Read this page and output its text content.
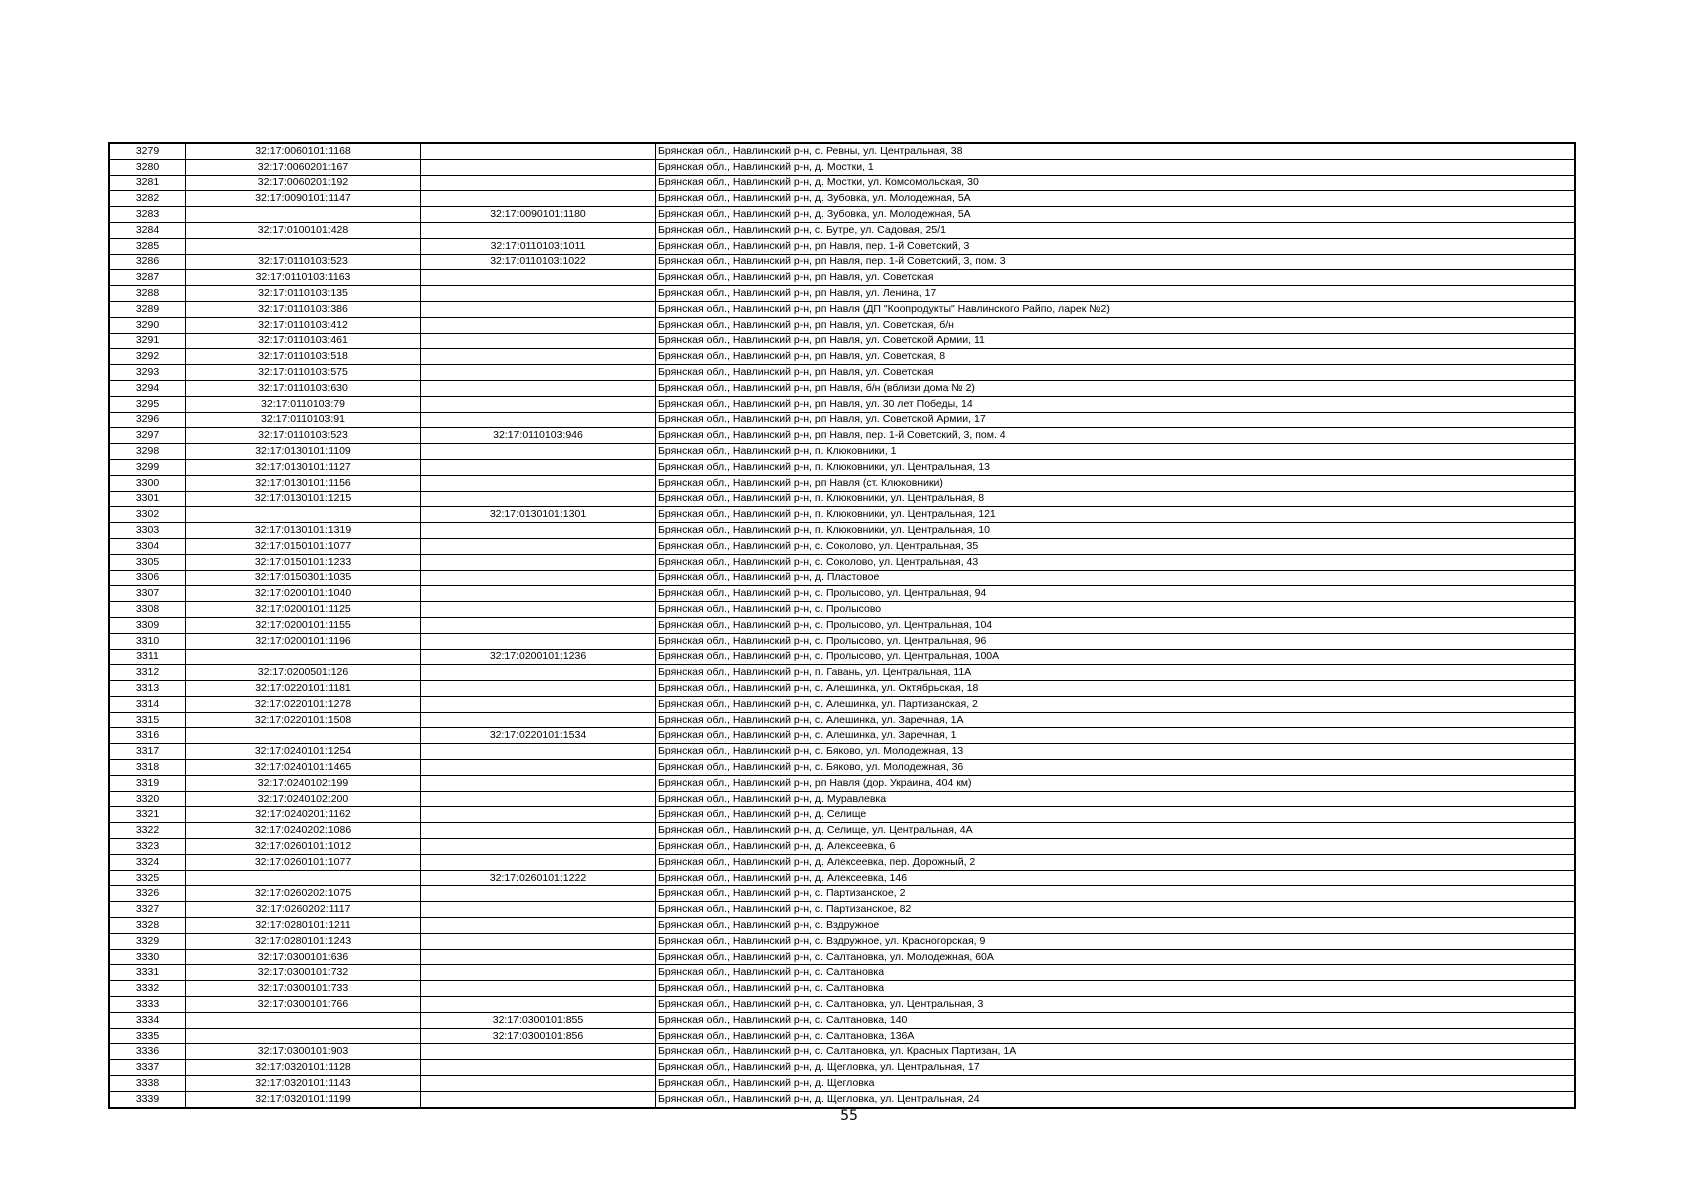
3279	32:17:0060101:1168		Брянская обл., Навлинский р-н, с. Ревны, ул. Центральная, 38
3280	32:17:0060201:167		Брянская обл., Навлинский р-н, д. Мостки, 1
3281	32:17:0060201:192		Брянская обл., Навлинский р-н, д. Мостки, ул. Комсомольская, 30
3282	32:17:0090101:1147		Брянская обл., Навлинский р-н, д. Зубовка, ул. Молодежная, 5А
3283		32:17:0090101:1180	Брянская обл., Навлинский р-н, д. Зубовка, ул. Молодежная, 5А
3284	32:17:0100101:428		Брянская обл., Навлинский р-н, с. Бутре, ул. Садовая, 25/1
3285		32:17:0110103:1011	Брянская обл., Навлинский р-н, рп Навля, пер. 1-й Советский, 3
3286	32:17:0110103:523	32:17:0110103:1022	Брянская обл., Навлинский р-н, рп Навля, пер. 1-й Советский, 3, пом. 3
3287	32:17:0110103:1163		Брянская обл., Навлинский р-н, рп Навля, ул. Советская
3288	32:17:0110103:135		Брянская обл., Навлинский р-н, рп Навля, ул. Ленина, 17
3289	32:17:0110103:386		Брянская обл., Навлинский р-н, рп Навля (ДП "Коопродукты" Навлинского Райпо, ларек №2)
3290	32:17:0110103:412		Брянская обл., Навлинский р-н, рп Навля, ул. Советская, б/н
3291	32:17:0110103:461		Брянская обл., Навлинский р-н, рп Навля, ул. Советской Армии, 11
3292	32:17:0110103:518		Брянская обл., Навлинский р-н, рп Навля, ул. Советская, 8
3293	32:17:0110103:575		Брянская обл., Навлинский р-н, рп Навля, ул. Советская
3294	32:17:0110103:630		Брянская обл., Навлинский р-н, рп Навля, б/н (вблизи дома № 2)
3295	32:17:0110103:79		Брянская обл., Навлинский р-н, рп Навля, ул. 30 лет Победы, 14
3296	32:17:0110103:91		Брянская обл., Навлинский р-н, рп Навля, ул. Советской Армии, 17
3297	32:17:0110103:523	32:17:0110103:946	Брянская обл., Навлинский р-н, рп Навля, пер. 1-й Советский, 3, пом. 4
3298	32:17:0130101:1109		Брянская обл., Навлинский р-н, п. Клюковники, 1
3299	32:17:0130101:1127		Брянская обл., Навлинский р-н, п. Клюковники, ул. Центральная, 13
3300	32:17:0130101:1156		Брянская обл., Навлинский р-н, рп Навля (ст. Клюковники)
3301	32:17:0130101:1215		Брянская обл., Навлинский р-н, п. Клюковники, ул. Центральная, 8
3302		32:17:0130101:1301	Брянская обл., Навлинский р-н, п. Клюковники, ул. Центральная, 121
3303	32:17:0130101:1319		Брянская обл., Навлинский р-н, п. Клюковники, ул. Центральная, 10
3304	32:17:0150101:1077		Брянская обл., Навлинский р-н, с. Соколово, ул. Центральная, 35
3305	32:17:0150101:1233		Брянская обл., Навлинский р-н, с. Соколово, ул. Центральная, 43
3306	32:17:0150301:1035		Брянская обл., Навлинский р-н, д. Пластовое
3307	32:17:0200101:1040		Брянская обл., Навлинский р-н, с. Пролысово, ул. Центральная, 94
3308	32:17:0200101:1125		Брянская обл., Навлинский р-н, с. Пролысово
3309	32:17:0200101:1155		Брянская обл., Навлинский р-н, с. Пролысово, ул. Центральная, 104
3310	32:17:0200101:1196		Брянская обл., Навлинский р-н, с. Пролысово, ул. Центральная, 96
3311		32:17:0200101:1236	Брянская обл., Навлинский р-н, с. Пролысово, ул. Центральная, 100А
3312	32:17:0200501:126		Брянская обл., Навлинский р-н, п. Гавань, ул. Центральная, 11А
3313	32:17:0220101:1181		Брянская обл., Навлинский р-н, с. Алешинка, ул. Октябрьская, 18
3314	32:17:0220101:1278		Брянская обл., Навлинский р-н, с. Алешинка, ул. Партизанская, 2
3315	32:17:0220101:1508		Брянская обл., Навлинский р-н, с. Алешинка, ул. Заречная, 1А
3316		32:17:0220101:1534	Брянская обл., Навлинский р-н, с. Алешинка, ул. Заречная, 1
3317	32:17:0240101:1254		Брянская обл., Навлинский р-н, с. Бяково, ул. Молодежная, 13
3318	32:17:0240101:1465		Брянская обл., Навлинский р-н, с. Бяково, ул. Молодежная, 36
3319	32:17:0240102:199		Брянская обл., Навлинский р-н, рп Навля (дор. Украина, 404 км)
3320	32:17:0240102:200		Брянская обл., Навлинский р-н, д. Муравлевка
3321	32:17:0240201:1162		Брянская обл., Навлинский р-н, д. Селище
3322	32:17:0240202:1086		Брянская обл., Навлинский р-н, д. Селище, ул. Центральная, 4А
3323	32:17:0260101:1012		Брянская обл., Навлинский р-н, д. Алексеевка, 6
3324	32:17:0260101:1077		Брянская обл., Навлинский р-н, д. Алексеевка, пер. Дорожный, 2
3325		32:17:0260101:1222	Брянская обл., Навлинский р-н, д. Алексеевка, 146
3326	32:17:0260202:1075		Брянская обл., Навлинский р-н, с. Партизанское, 2
3327	32:17:0260202:1117		Брянская обл., Навлинский р-н, с. Партизанское, 82
3328	32:17:0280101:1211		Брянская обл., Навлинский р-н, с. Вздружное
3329	32:17:0280101:1243		Брянская обл., Навлинский р-н, с. Вздружное, ул. Красногорская, 9
3330	32:17:0300101:636		Брянская обл., Навлинский р-н, с. Салтановка, ул. Молодежная, 60А
3331	32:17:0300101:732		Брянская обл., Навлинский р-н, с. Салтановка
3332	32:17:0300101:733		Брянская обл., Навлинский р-н, с. Салтановка
3333	32:17:0300101:766		Брянская обл., Навлинский р-н, с. Салтановка, ул. Центральная, 3
3334		32:17:0300101:855	Брянская обл., Навлинский р-н, с. Салтановка, 140
3335		32:17:0300101:856	Брянская обл., Навлинский р-н, с. Салтановка, 136А
3336	32:17:0300101:903		Брянская обл., Навлинский р-н, с. Салтановка, ул. Красных Партизан, 1А
3337	32:17:0320101:1128		Брянская обл., Навлинский р-н, д. Щегловка, ул. Центральная, 17
3338	32:17:0320101:1143		Брянская обл., Навлинский р-н, д. Щегловка
3339	32:17:0320101:1199		Брянская обл., Навлинский р-н, д. Щегловка, ул. Центральная, 24
55
